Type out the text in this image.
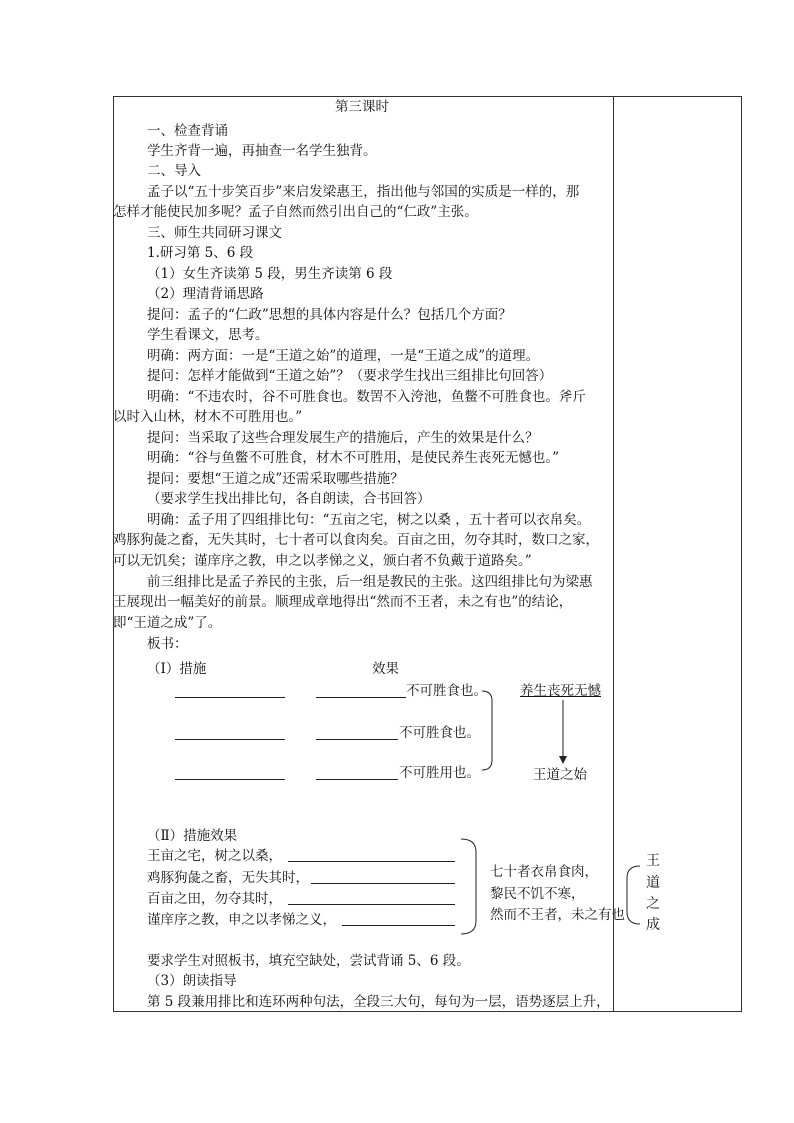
第三课时
一、检查背诵
学生齐背一遍，再抽查一名学生独背。
二、导入
孟子以“五十步笑百步”来启发梁惠王，指出他与邻国的实质是一样的，那
怎样才能使民加多呢？孟子自然而然引出自己的“仁政”主张。
三、师生共同研习课文
1.研习第 5、6 段
（1）女生齐读第 5 段，男生齐读第 6 段
（2）理清背诵思路
提问：孟子的“仁政”思想的具体内容是什么？包括几个方面？
学生看课文，思考。
明确：两方面：一是“王道之始”的道理，一是“王道之成”的道理。
提问：怎样才能做到“王道之始”？（要求学生找出三组排比句回答）
明确：“不违农时，谷不可胜食也。数罟不入洿池，鱼鳖不可胜食也。斧斤
以时入山林，材木不可胜用也。”
提问：当采取了这些合理发展生产的措施后，产生的效果是什么？
明确：“谷与鱼鳖不可胜食，材木不可胜用，是使民养生丧死无憾也。”
提问：要想“王道之成”还需采取哪些措施？
（要求学生找出排比句，各自朗读，合书回答）
明确：孟子用了四组排比句：“五亩之宅，树之以桑 ，五十者可以衣帛矣。
鸡豚狗彘之畜，无失其时，七十者可以食肉矣。百亩之田，勿夺其时，数口之家，
可以无饥矣；谨庠序之教，申之以孝悌之义，颁白者不负戴于道路矣。”
前三组排比是孟子养民的主张，后一组是教民的主张。这四组排比句为梁惠
王展现出一幅美好的前景。顺理成章地得出“然而不王者，未之有也”的结论，
即“王道之成”了。
板书：
（Ⅰ）措施	效果
不可胜食也。
不可胜食也。
不可胜用也。
养生丧死无憾
王道之始
（Ⅱ）措施效果
王亩之宅，树之以桑，
鸡豚狗彘之畜，无失其时，
百亩之田，勿夺其时，
谨庠序之教，申之以孝悌之义，
七十者衣帛食肉，
黎民不饥不寒，
然而不王者，未之有也
王
道
之
成
要求学生对照板书，填充空缺处，尝试背诵 5、6 段。
（3）朗读指导
第 5 段兼用排比和连环两种句法，全段三大句，每句为一层，语势逐层上升，
